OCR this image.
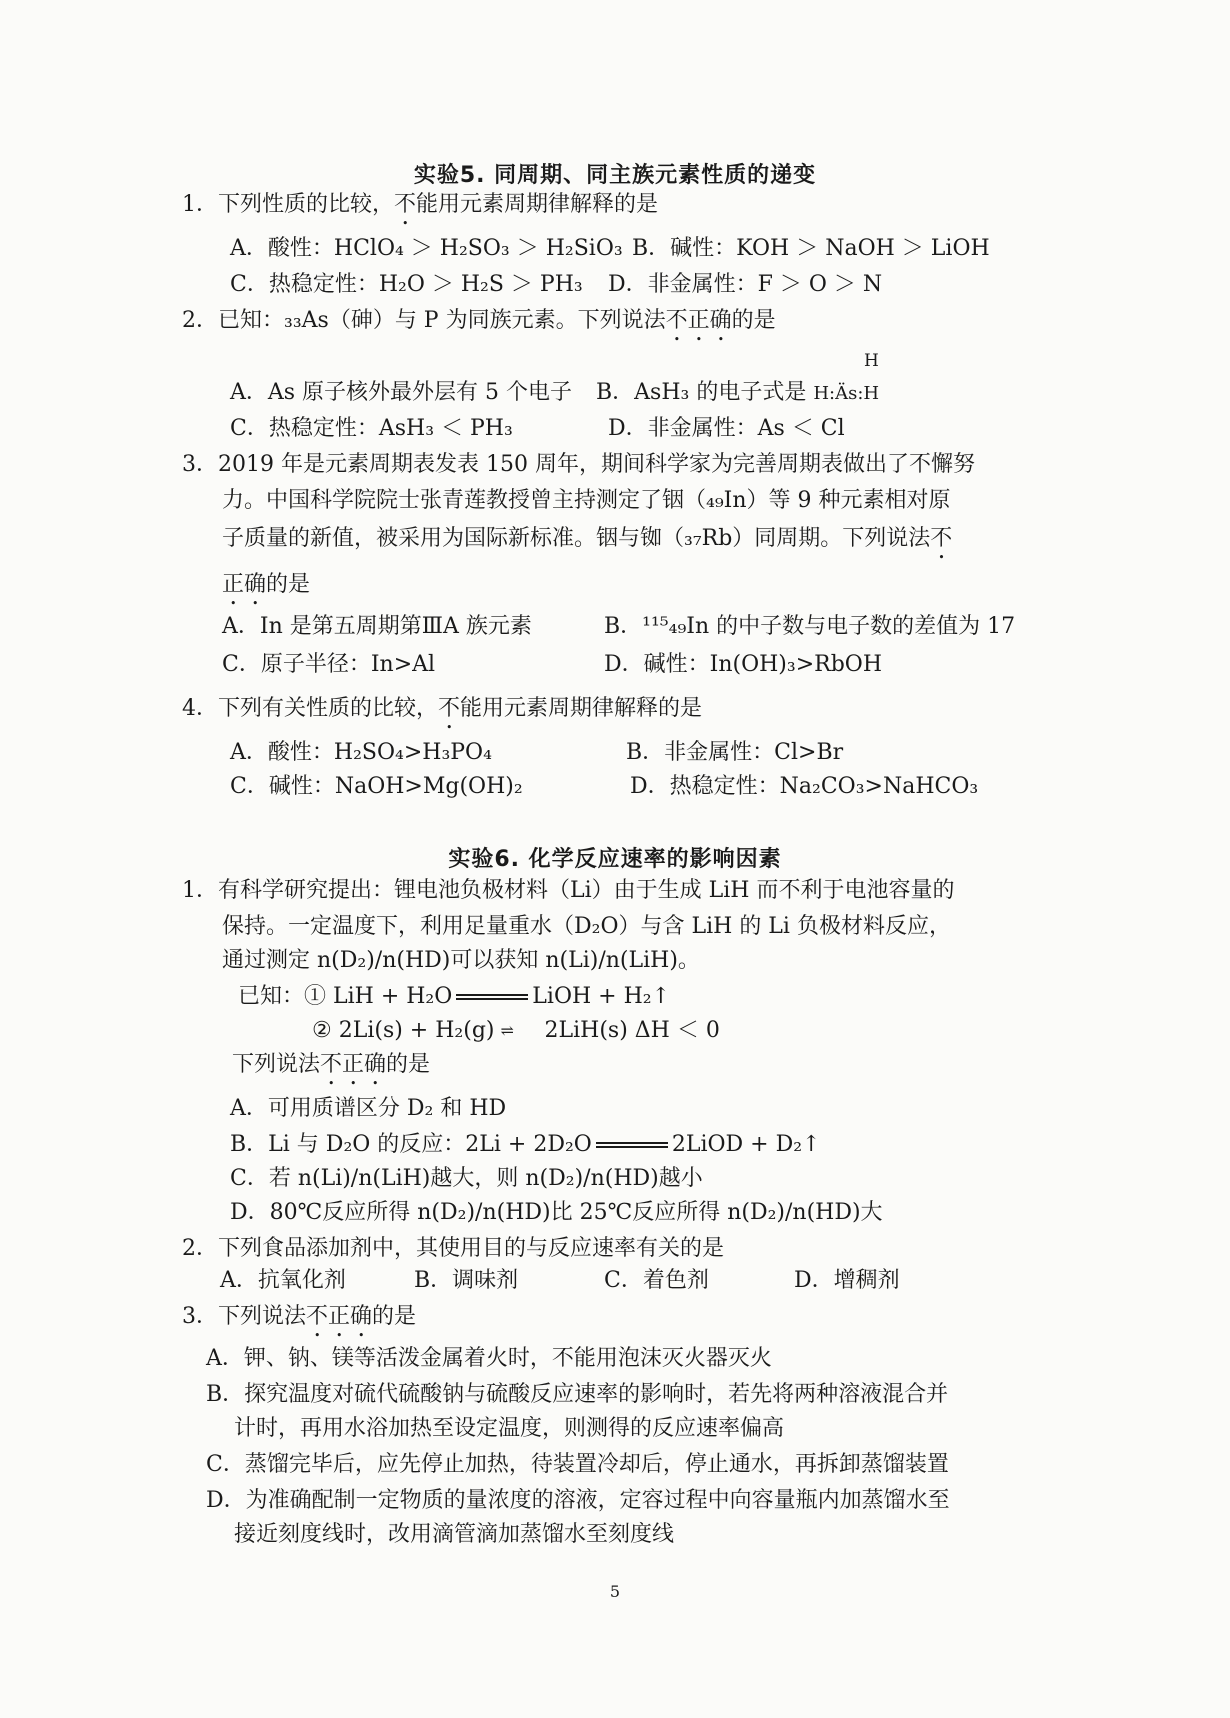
实验5. 同周期、同主族元素性质的递变
1．下列性质的比较，不能用元素周期律解释的是
A．酸性：HClO₄ ＞ H₂SO₃ ＞ H₂SiO₃ B．碱性：KOH ＞ NaOH ＞ LiOH
C．热稳定性：H₂O ＞ H₂S ＞ PH₃ D．非金属性：F ＞ O ＞ N
2．已知：₃₃As（砷）与 P 为同族元素。下列说法不正确的是
H
A．As 原子核外最外层有 5 个电子 B．AsH₃ 的电子式是 H:Äs:H
C．热稳定性：AsH₃ ＜ PH₃	D．非金属性：As ＜ Cl
3．2019 年是元素周期表发表 150 周年，期间科学家为完善周期表做出了不懈努
力。中国科学院院士张青莲教授曾主持测定了铟（₄₉In）等 9 种元素相对原
子质量的新值，被采用为国际新标准。铟与铷（₃₇Rb）同周期。下列说法不
正确的是
A．In 是第五周期第ⅢA 族元素	B．¹¹⁵₄₉In 的中子数与电子数的差值为 17
C．原子半径：In>Al	D．碱性：In(OH)₃>RbOH
4．下列有关性质的比较，不能用元素周期律解释的是
A．酸性：H₂SO₄>H₃PO₄	B．非金属性：Cl>Br
C．碱性：NaOH>Mg(OH)₂	D．热稳定性：Na₂CO₃>NaHCO₃
实验6. 化学反应速率的影响因素
1．有科学研究提出：锂电池负极材料（Li）由于生成 LiH 而不利于电池容量的
保持。一定温度下，利用足量重水（D₂O）与含 LiH 的 Li 负极材料反应，
通过测定 n(D₂)/n(HD)可以获知 n(Li)/n(LiH)。
已知：① LiH + H₂O	LiOH + H₂↑
② 2Li(s) + H₂(g) ⇌ 2LiH(s) ΔH ＜ 0
下列说法不正确的是
A．可用质谱区分 D₂ 和 HD
B．Li 与 D₂O 的反应：2Li + 2D₂O	2LiOD + D₂↑
C．若 n(Li)/n(LiH)越大，则 n(D₂)/n(HD)越小
D．80℃反应所得 n(D₂)/n(HD)比 25℃反应所得 n(D₂)/n(HD)大
2．下列食品添加剂中，其使用目的与反应速率有关的是
A．抗氧化剂	B．调味剂	C．着色剂	D．增稠剂
3．下列说法不正确的是
A．钾、钠、镁等活泼金属着火时，不能用泡沫灭火器灭火
B．探究温度对硫代硫酸钠与硫酸反应速率的影响时，若先将两种溶液混合并
计时，再用水浴加热至设定温度，则测得的反应速率偏高
C．蒸馏完毕后，应先停止加热，待装置冷却后，停止通水，再拆卸蒸馏装置
D．为准确配制一定物质的量浓度的溶液，定容过程中向容量瓶内加蒸馏水至
接近刻度线时，改用滴管滴加蒸馏水至刻度线
5
